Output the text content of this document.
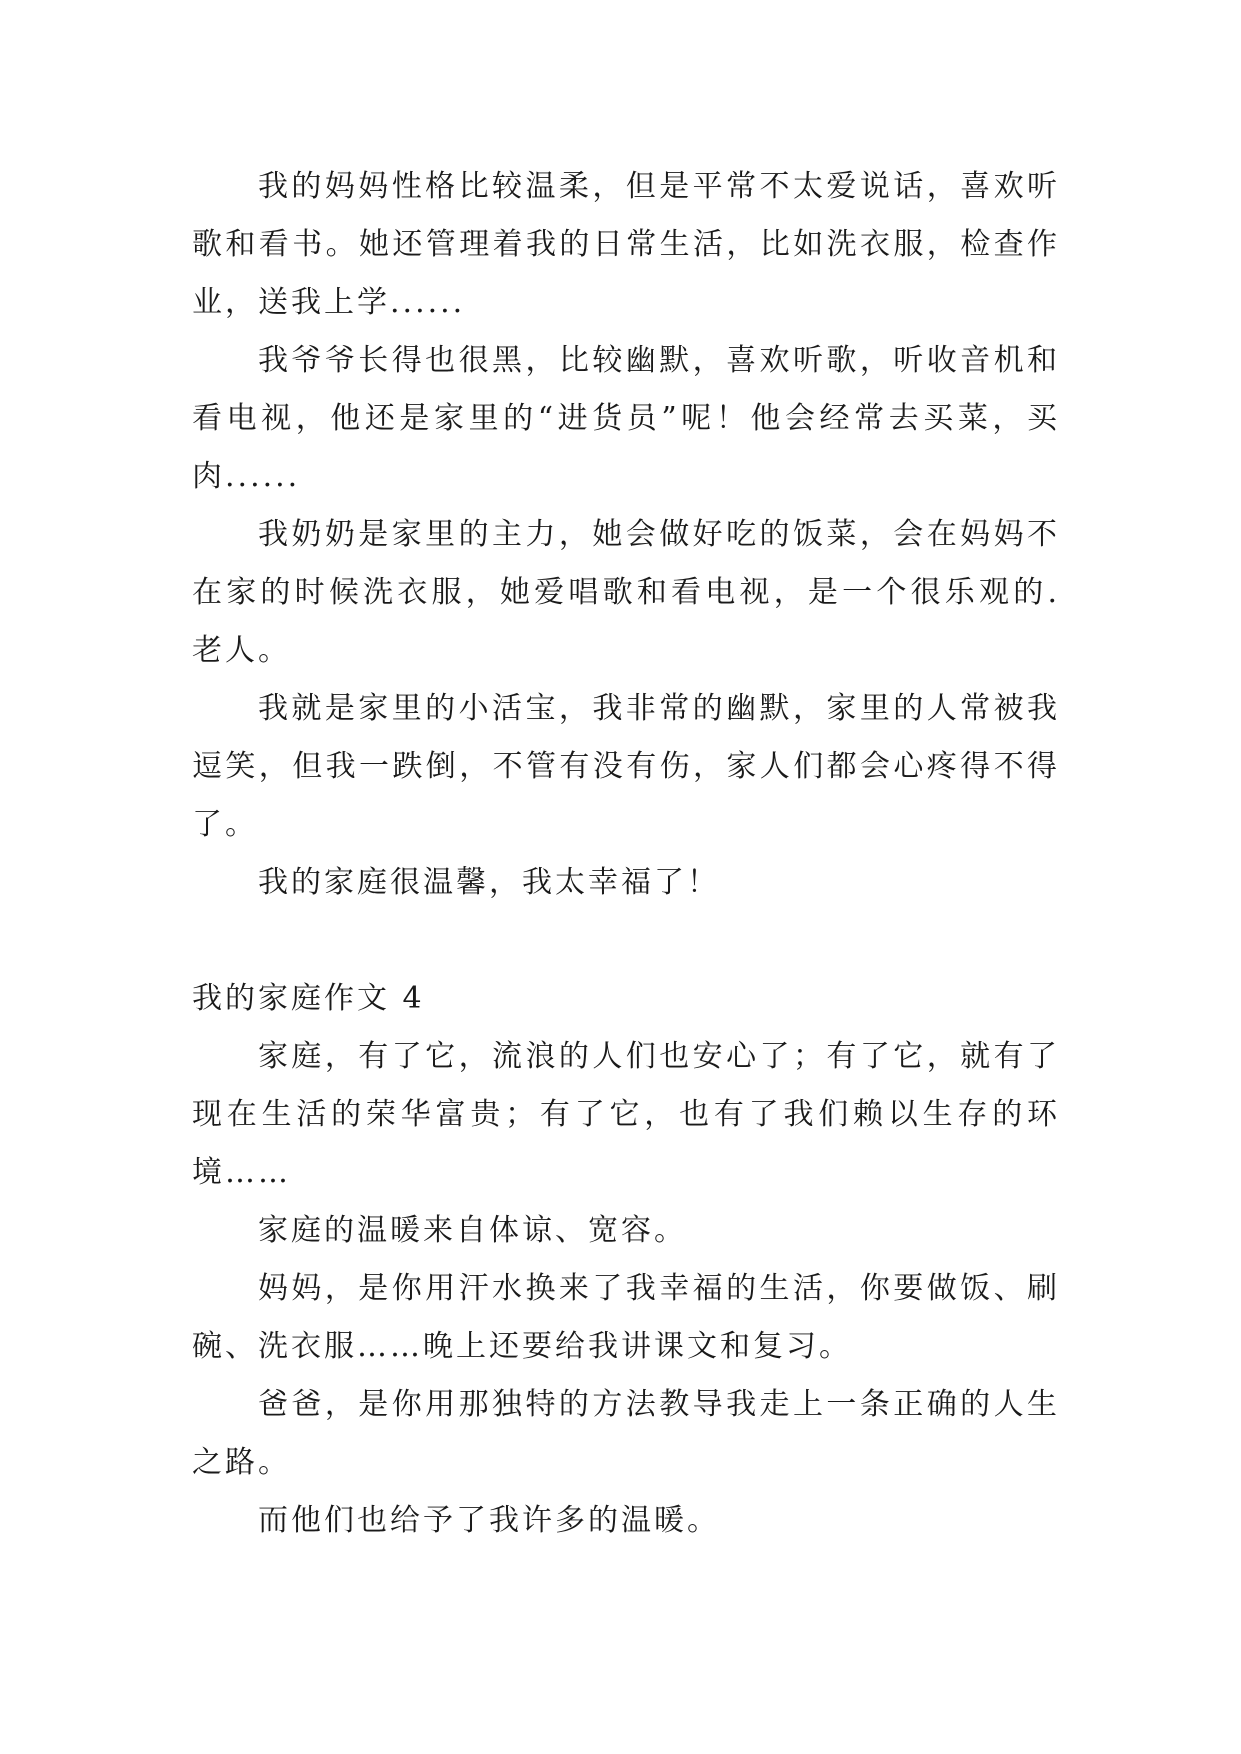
我的妈妈性格比较温柔，但是平常不太爱说话，喜欢听歌和看书。她还管理着我的日常生活，比如洗衣服，检查作业，送我上学......

我爷爷长得也很黑，比较幽默，喜欢听歌，听收音机和看电视，他还是家里的“进货员”呢！他会经常去买菜，买肉......

我奶奶是家里的主力，她会做好吃的饭菜，会在妈妈不在家的时候洗衣服，她爱唱歌和看电视，是一个很乐观的.老人。

我就是家里的小活宝，我非常的幽默，家里的人常被我逗笑，但我一跌倒，不管有没有伤，家人们都会心疼得不得了。

我的家庭很温馨，我太幸福了！

我的家庭作文 4

家庭，有了它，流浪的人们也安心了；有了它，就有了现在生活的荣华富贵；有了它，也有了我们赖以生存的环境……

家庭的温暖来自体谅、宽容。

妈妈，是你用汗水换来了我幸福的生活，你要做饭、刷碗、洗衣服……晚上还要给我讲课文和复习。

爸爸，是你用那独特的方法教导我走上一条正确的人生之路。

而他们也给予了我许多的温暖。
